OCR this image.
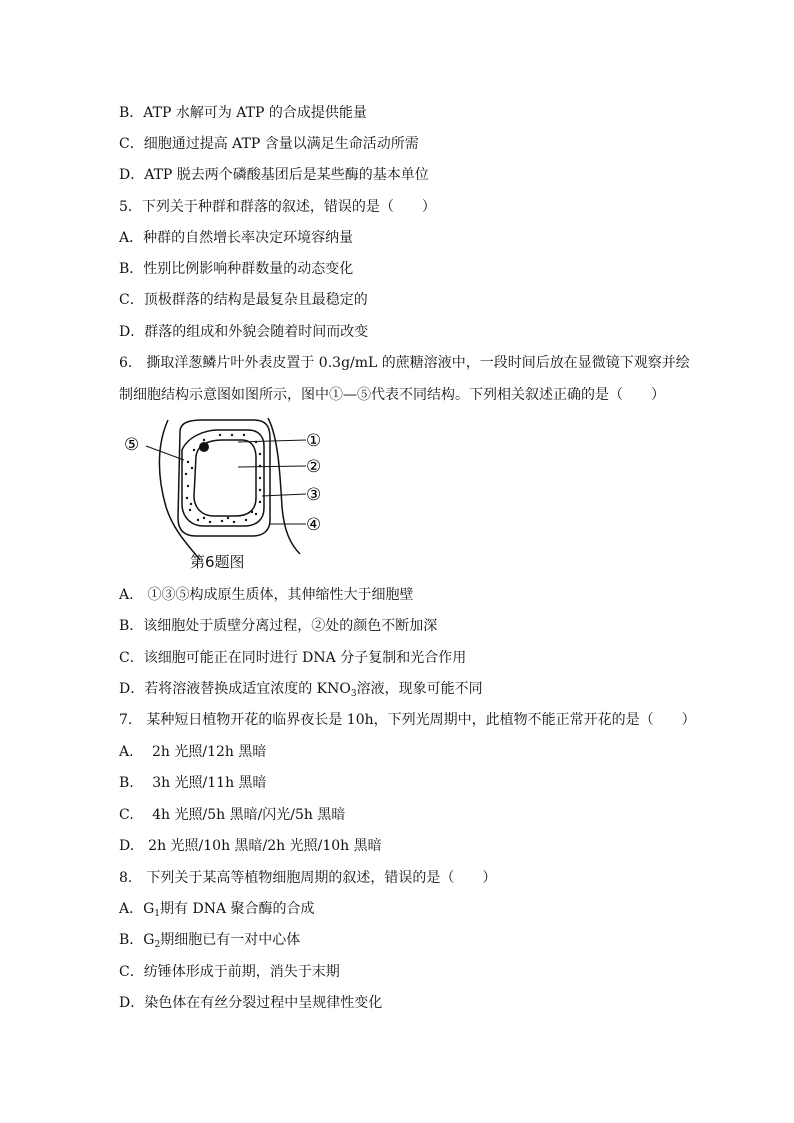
B．ATP 水解可为 ATP 的合成提供能量
C．细胞通过提高 ATP 含量以满足生命活动所需
D．ATP 脱去两个磷酸基团后是某些酶的基本单位
5．下列关于种群和群落的叙述，错误的是（　　）
A．种群的自然增长率决定环境容纳量
B．性别比例影响种群数量的动态变化
C．顶极群落的结构是最复杂且最稳定的
D．群落的组成和外貌会随着时间而改变
6.　撕取洋葱鳞片叶外表皮置于 0.3g/mL 的蔗糖溶液中，一段时间后放在显微镜下观察并绘
制细胞结构示意图如图所示，图中①—⑤代表不同结构。下列相关叙述正确的是（　　）
⑤	①
②
③
④
第6题图
A.　①③⑤构成原生质体，其伸缩性大于细胞壁
B．该细胞处于质壁分离过程，②处的颜色不断加深
C．该细胞可能正在同时进行 DNA 分子复制和光合作用
D．若将溶液替换成适宜浓度的 $KNO_3$溶液，现象可能不同
7.　某种短日植物开花的临界夜长是 10h，下列光周期中，此植物不能正常开花的是（　　）
A.　 2h 光照/12h 黑暗
B.　 3h 光照/11h 黑暗
C.　 4h 光照/5h 黑暗/闪光/5h 黑暗
D.　2h 光照/10h 黑暗/2h 光照/10h 黑暗
8.　下列关于某高等植物细胞周期的叙述，错误的是（　　）
A．$G_1$期有 DNA 聚合酶的合成
B．$G_2$期细胞已有一对中心体
C．纺锤体形成于前期，消失于末期
D．染色体在有丝分裂过程中呈规律性变化
